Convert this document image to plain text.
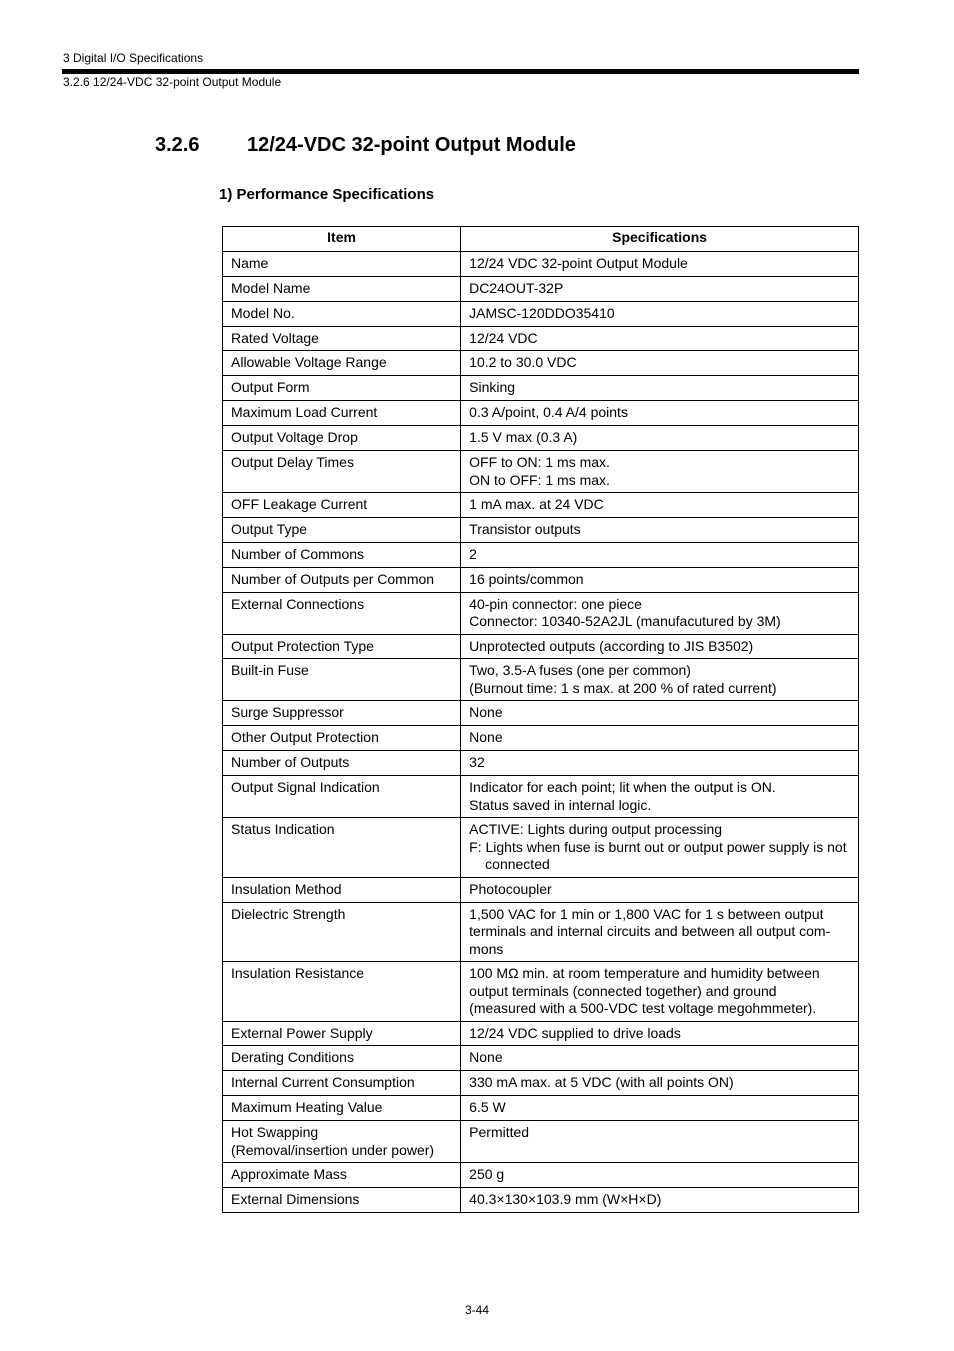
3 Digital I/O Specifications
3.2.6 12/24-VDC 32-point Output Module
3.2.6 12/24-VDC 32-point Output Module
1) Performance Specifications
Item	Specifications

Name	12/24 VDC 32-point Output Module

Model Name	DC24OUT-32P

Model No.	JAMSC-120DDO35410

Rated Voltage	12/24 VDC

Allowable Voltage Range	10.2 to 30.0 VDC

Output Form	Sinking

Maximum Load Current	0.3 A/point, 0.4 A/4 points

Output Voltage Drop	1.5 V max (0.3 A)

Output Delay Times	OFF to ON: 1 ms max.
ON to OFF: 1 ms max.

OFF Leakage Current	1 mA max. at 24 VDC

Output Type	Transistor outputs

Number of Commons	2

Number of Outputs per Common	16 points/common

External Connections	40-pin connector: one piece
Connector: 10340-52A2JL (manufacutured by 3M)

Output Protection Type	Unprotected outputs (according to JIS B3502)

Built-in Fuse	Two, 3.5-A fuses (one per common)
(Burnout time: 1 s max. at 200 % of rated current)

Surge Suppressor	None

Other Output Protection	None

Number of Outputs	32

Output Signal Indication	Indicator for each point; lit when the output is ON.
Status saved in internal logic.

Status Indication	ACTIVE: Lights during output processing
F: Lights when fuse is burnt out or output power supply is not
connected

Insulation Method	Photocoupler

Dielectric Strength	1,500 VAC for 1 min or 1,800 VAC for 1 s between output
terminals and internal circuits and between all output com-
mons

Insulation Resistance	100 MΩ min. at room temperature and humidity between
output terminals (connected together) and ground
(measured with a 500-VDC test voltage megohmmeter).

External Power Supply	12/24 VDC supplied to drive loads

Derating Conditions	None

Internal Current Consumption	330 mA max. at 5 VDC (with all points ON)

Maximum Heating Value	6.5 W

Hot Swapping
(Removal/insertion under power)	Permitted

Approximate Mass	250 g

External Dimensions	40.3×130×103.9 mm (W×H×D)
3-44
